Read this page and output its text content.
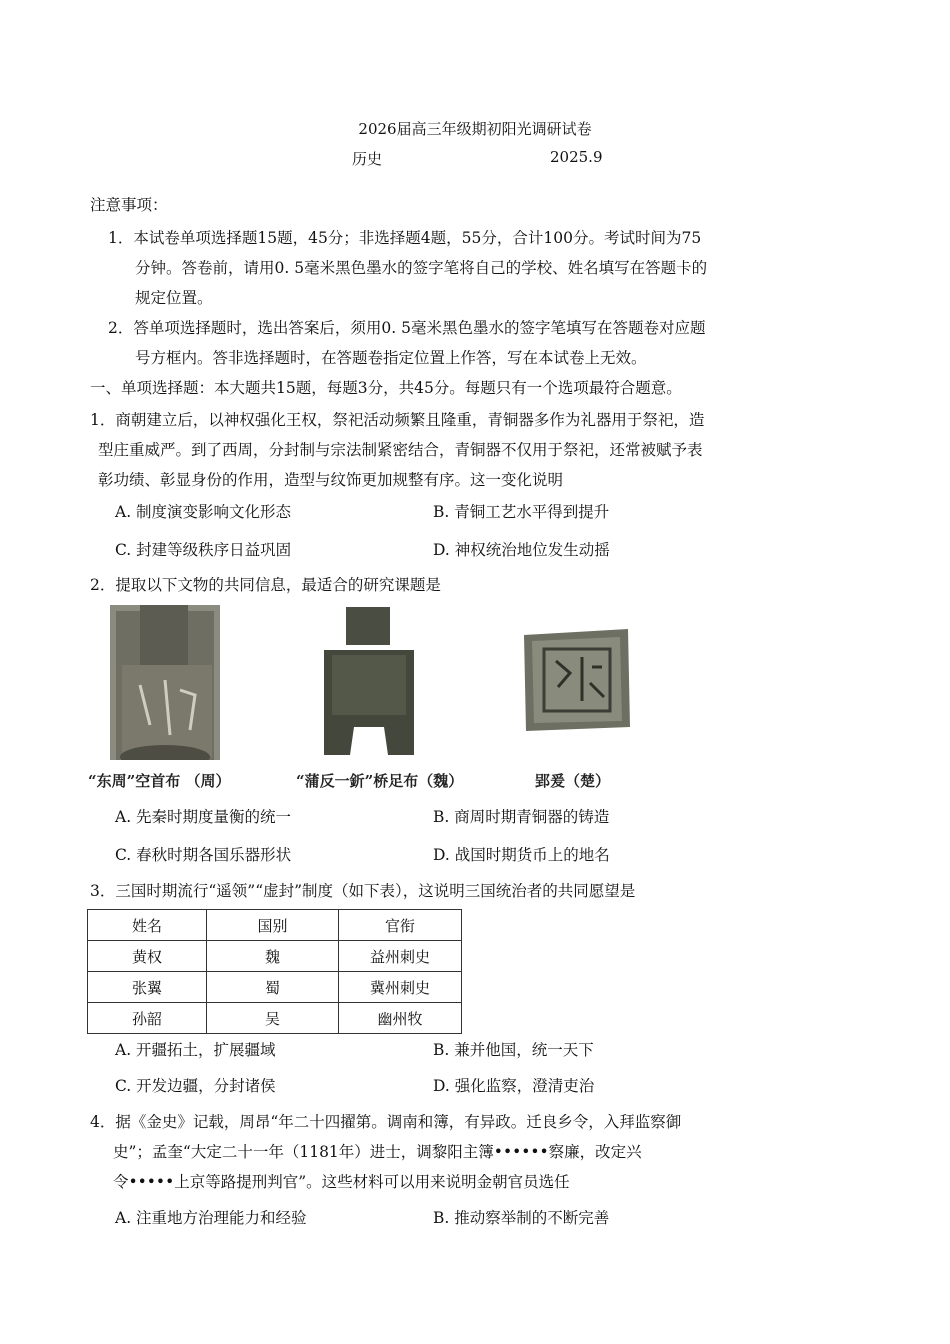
2026届高三年级期初阳光调研试卷
历史	2025.9
注意事项：
1．本试卷单项选择题15题，45分；非选择题4题，55分，合计100分。考试时间为75
分钟。答卷前，请用0. 5毫米黑色墨水的签字笔将自己的学校、姓名填写在答题卡的
规定位置。
2．答单项选择题时，选出答案后，须用0. 5毫米黑色墨水的签字笔填写在答题卷对应题
号方框内。答非选择题时，在答题卷指定位置上作答，写在本试卷上无效。
一、单项选择题：本大题共15题，每题3分，共45分。每题只有一个选项最符合题意。
1．商朝建立后，以神权强化王权，祭祀活动频繁且隆重，青铜器多作为礼器用于祭祀，造
型庄重威严。到了西周，分封制与宗法制紧密结合，青铜器不仅用于祭祀，还常被赋予表
彰功绩、彰显身份的作用，造型与纹饰更加规整有序。这一变化说明
A. 制度演变影响文化形态	B. 青铜工艺水平得到提升
C. 封建等级秩序日益巩固	D. 神权统治地位发生动摇
2．提取以下文物的共同信息，最适合的研究课题是
“东周”空首布 （周）	“蒲反一釿”桥足布（魏）	郢爰（楚）
A. 先秦时期度量衡的统一	B. 商周时期青铜器的铸造
C. 春秋时期各国乐器形状	D. 战国时期货币上的地名
3．三国时期流行“遥领”“虚封”制度（如下表），这说明三国统治者的共同愿望是
姓名	国别	官衔
黄权	魏	益州刺史
张翼	蜀	冀州刺史
孙韶	吴	幽州牧
A. 开疆拓土，扩展疆域	B. 兼并他国，统一天下
C. 开发边疆，分封诸侯	D. 强化监察，澄清吏治
4．据《金史》记载，周昂“年二十四擢第。调南和簿，有异政。迁良乡令，入拜监察御
史”；孟奎“大定二十一年（1181年）进士，调黎阳主簿••••••察廉，改定兴
令•••••上京等路提刑判官”。这些材料可以用来说明金朝官员选任
A. 注重地方治理能力和经验	B. 推动察举制的不断完善
